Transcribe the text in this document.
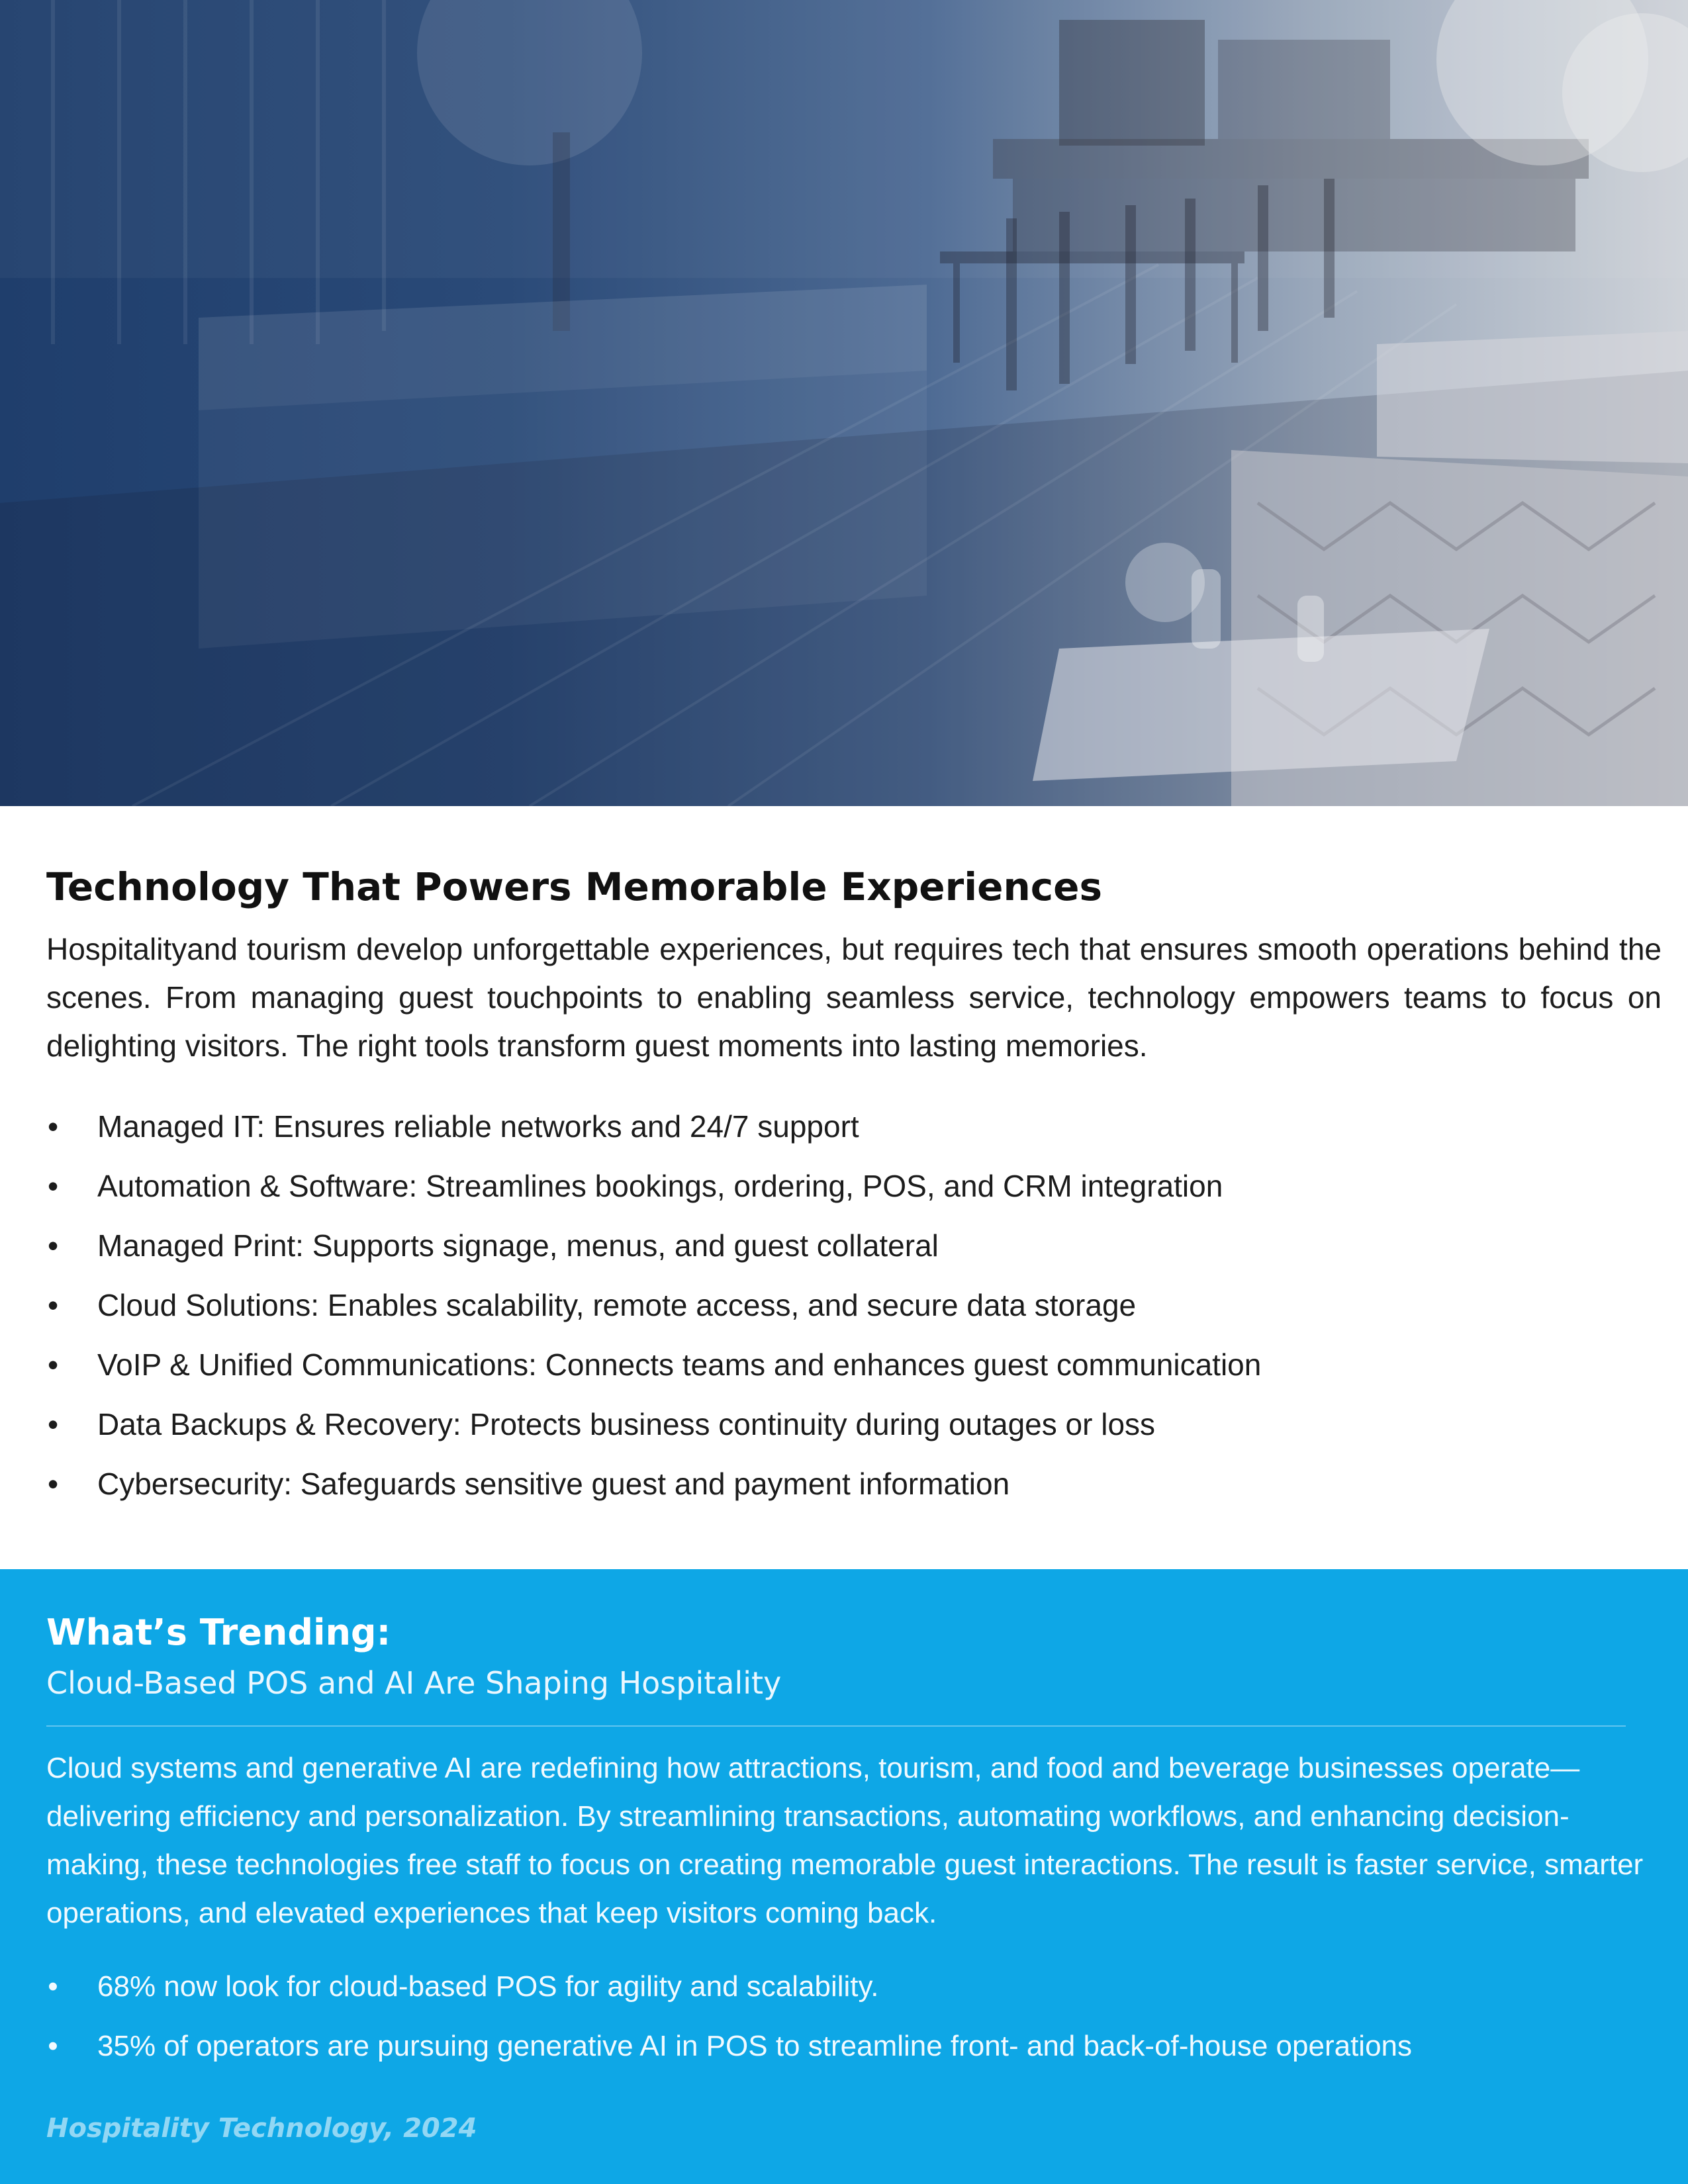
Technology That Powers Memorable Experiences

Hospitalityand tourism develop unforgettable experiences, but requires tech that ensures smooth operations behind the scenes. From managing guest touchpoints to enabling seamless service, technology empowers teams to focus on delighting visitors. The right tools transform guest moments into lasting memories.

• Managed IT: Ensures reliable networks and 24/7 support
• Automation & Software: Streamlines bookings, ordering, POS, and CRM integration
• Managed Print: Supports signage, menus, and guest collateral
• Cloud Solutions: Enables scalability, remote access, and secure data storage
• VoIP & Unified Communications: Connects teams and enhances guest communication
• Data Backups & Recovery: Protects business continuity during outages or loss
• Cybersecurity: Safeguards sensitive guest and payment information
What’s Trending:

Cloud-Based POS and AI Are Shaping Hospitality

Cloud systems and generative AI are redefining how attractions, tourism, and food and beverage businesses operate—delivering efficiency and personalization. By streamlining transactions, automating workflows, and enhancing decision-making, these technologies free staff to focus on creating memorable guest interactions. The result is faster service, smarter operations, and elevated experiences that keep visitors coming back.

• 68% now look for cloud-based POS for agility and scalability.
• 35% of operators are pursuing generative AI in POS to streamline front- and back-of-house operations
Hospitality Technology, 2024
